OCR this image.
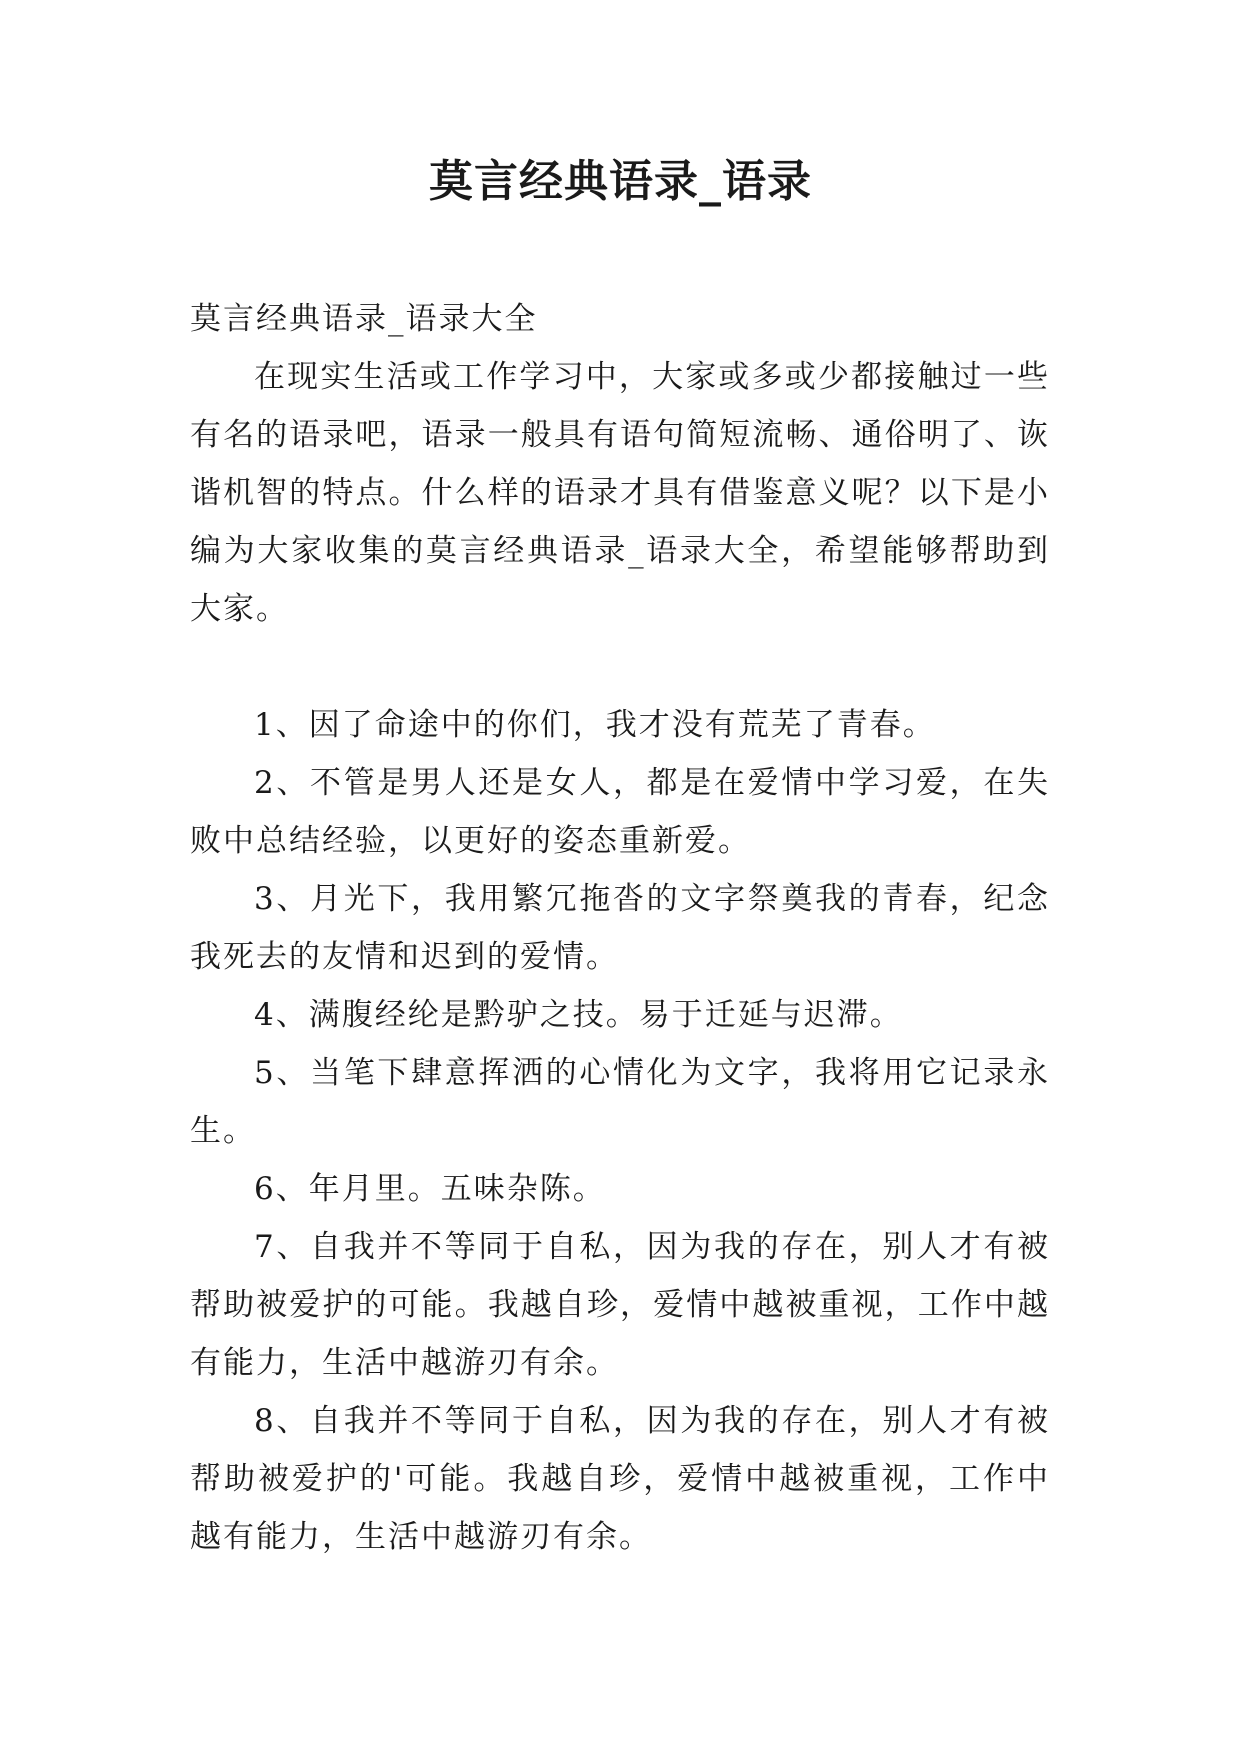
莫言经典语录_语录

莫言经典语录_语录大全

在现实生活或工作学习中，大家或多或少都接触过一些有名的语录吧，语录一般具有语句简短流畅、通俗明了、诙谐机智的特点。什么样的语录才具有借鉴意义呢？以下是小编为大家收集的莫言经典语录_语录大全，希望能够帮助到大家。

1、因了命途中的你们，我才没有荒芜了青春。

2、不管是男人还是女人，都是在爱情中学习爱，在失败中总结经验，以更好的姿态重新爱。

3、月光下，我用繁冗拖沓的文字祭奠我的青春，纪念我死去的友情和迟到的爱情。

4、满腹经纶是黔驴之技。易于迁延与迟滞。

5、当笔下肆意挥洒的心情化为文字，我将用它记录永生。

6、年月里。五味杂陈。

7、自我并不等同于自私，因为我的存在，别人才有被帮助被爱护的可能。我越自珍，爱情中越被重视，工作中越有能力，生活中越游刃有余。

8、自我并不等同于自私，因为我的存在，别人才有被帮助被爱护的'可能。我越自珍，爱情中越被重视，工作中越有能力，生活中越游刃有余。
